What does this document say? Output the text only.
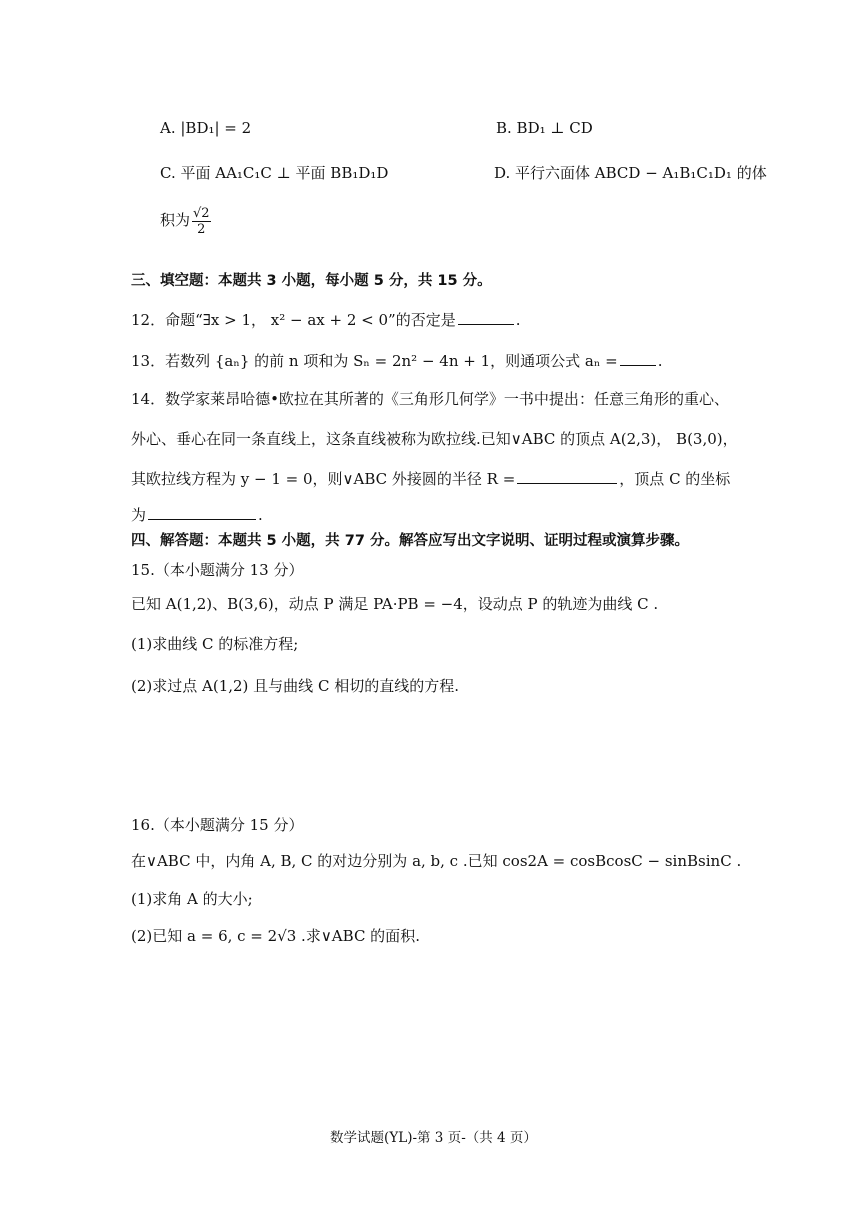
A. |BD₁| = 2	B. BD₁ ⊥ CD
C. 平面 AA₁C₁C ⊥ 平面 BB₁D₁D	D. 平行六面体 ABCD − A₁B₁C₁D₁ 的体
积为 $\frac{√2}{2}$
三、填空题：本题共 3 小题，每小题 5 分，共 15 分。
12．命题“∃x > 1， x² − ax + 2 < 0”的否定是	.
13．若数列 {aₙ} 的前 n 项和为 Sₙ = 2n² − 4n + 1，则通项公式 aₙ =	.
14．数学家莱昂哈德•欧拉在其所著的《三角形几何学》一书中提出：任意三角形的重心、
外心、垂心在同一条直线上，这条直线被称为欧拉线.已知∨ABC 的顶点 A(2,3)， B(3,0)，
其欧拉线方程为 y − 1 = 0，则∨ABC 外接圆的半径 R =	，顶点 C 的坐标
为	.
四、解答题：本题共 5 小题，共 77 分。解答应写出文字说明、证明过程或演算步骤。
15.（本小题满分 13 分）
已知 A(1,2)、B(3,6)，动点 P 满足 PA·PB = −4，设动点 P 的轨迹为曲线 C .
(1)求曲线 C 的标准方程;
(2)求过点 A(1,2) 且与曲线 C 相切的直线的方程.
16.（本小题满分 15 分）
在∨ABC 中，内角 A, B, C 的对边分别为 a, b, c .已知 cos2A = cosBcosC − sinBsinC .
(1)求角 A 的大小;
(2)已知 a = 6, c = 2√3 .求∨ABC 的面积.
数学试题(YL)-第 3 页-（共 4 页）
